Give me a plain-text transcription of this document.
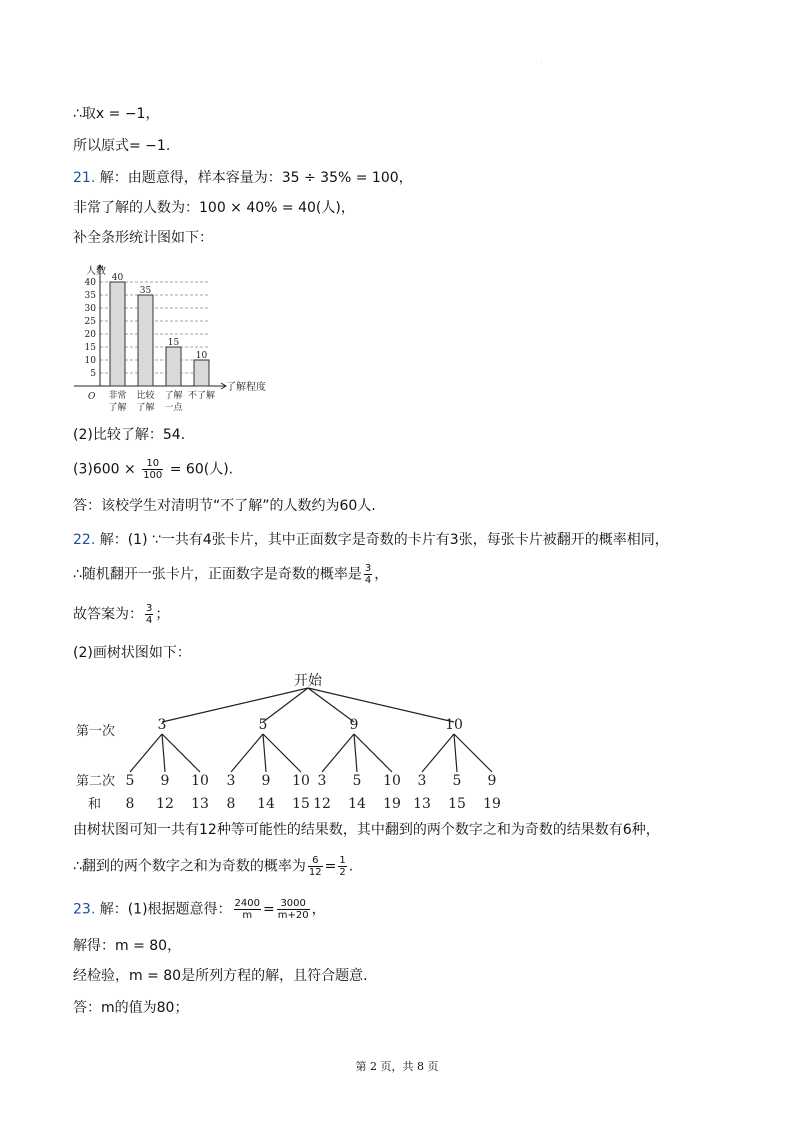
·
∴取x = −1，
所以原式= −1.
21. 解：由题意得，样本容量为：35 ÷ 35% = 100，
非常了解的人数为：100 × 40% = 40(人)，
补全条形统计图如下：
5
10
15
20
25
30
35
40
人数
了解程度
O
40
非常
了解
35
比较
了解
15
了解
一点
10
不了解
(2)比较了解：54.
$(3)600 \times \frac{10}{100} = 60$(人).
答：该校学生对清明节“不了解”的人数约为60人.
22. 解：(1) ∵一共有4张卡片，其中正面数字是奇数的卡片有3张，每张卡片被翻开的概率相同，
∴随机翻开一张卡片，正面数字是奇数的概率是 $\frac{3}{4}$ ，
故答案为： $\frac{3}{4}$ ；
(2)画树状图如下：
开始
第一次
第二次
和
3
5
8
9
12
10
13
5
3
8
9
14
10
15
9
3
12
5
14
10
19
10
3
13
5
15
9
19
由树状图可知一共有12种等可能性的结果数，其中翻到的两个数字之和为奇数的结果数有6种，
∴翻到的两个数字之和为奇数的概率为 $\frac{6}{12} = \frac{1}{2}$ .
23. 解：(1)根据题意得： $\frac{2400}{m} = \frac{3000}{m+20}$ ，
解得：m = 80，
经检验，m = 80是所列方程的解，且符合题意.
答：m的值为80；
第 2 页，共 8 页
